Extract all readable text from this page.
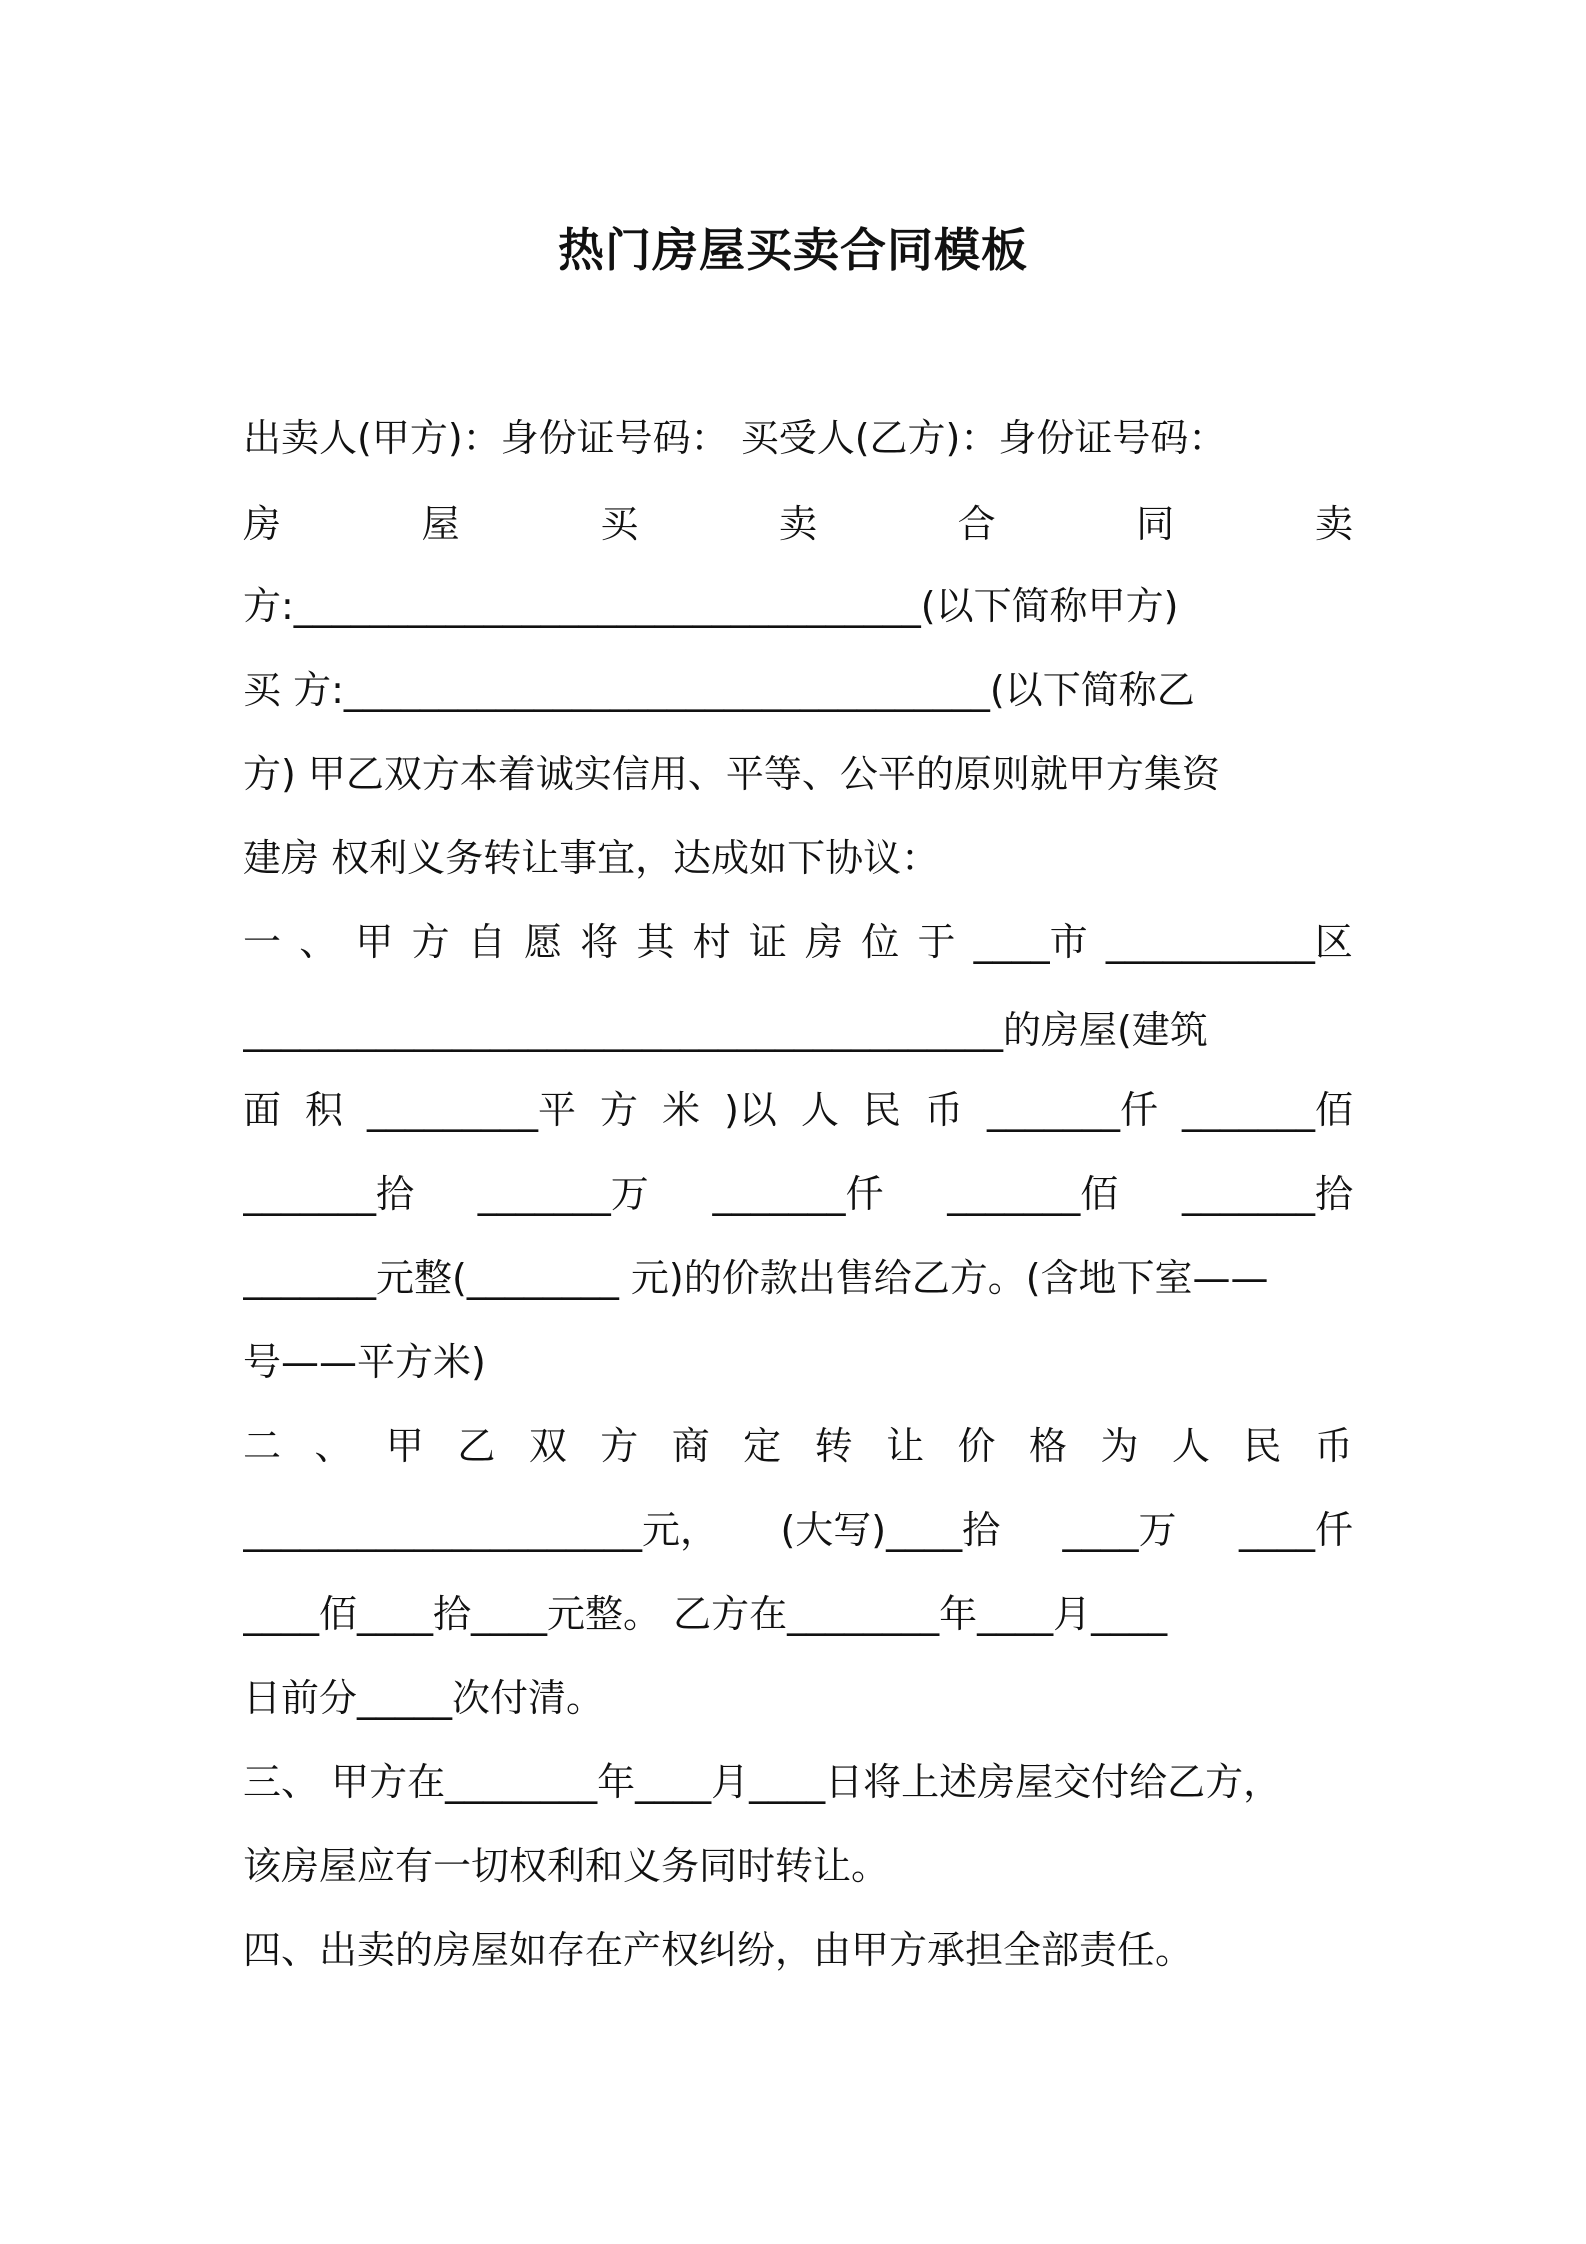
热门房屋买卖合同模板
出卖人(甲方)：身份证号码： 买受人(乙方)：身份证号码：
房	屋	买	卖	合	同	卖
方:_________________________________(以下简称甲方)
买 方:__________________________________(以下简称乙
方) 甲乙双方本着诚实信用、平等、公平的原则就甲方集资
建房 权利义务转让事宜，达成如下协议：
一 、 甲 方 自 愿 将 其 村 证 房 位 于 ____市 ___________区
________________________________________的房屋(建筑
面 积 _________平 方 米 )以 人 民 币 _______仟 _______佰
_______拾 _______万 _______仟 _______佰 _______拾
_______元整(________ 元)的价款出售给乙方。(含地下室——
号——平方米)
二 、 甲 乙 双 方 商 定 转 让 价 格 为 人 民 币
_____________________元， (大写)____拾 ____万 ____仟
____佰____拾____元整。 乙方在________年____月____
日前分_____次付清。
三、 甲方在________年____月____日将上述房屋交付给乙方，
该房屋应有一切权利和义务同时转让。
四、出卖的房屋如存在产权纠纷，由甲方承担全部责任。
